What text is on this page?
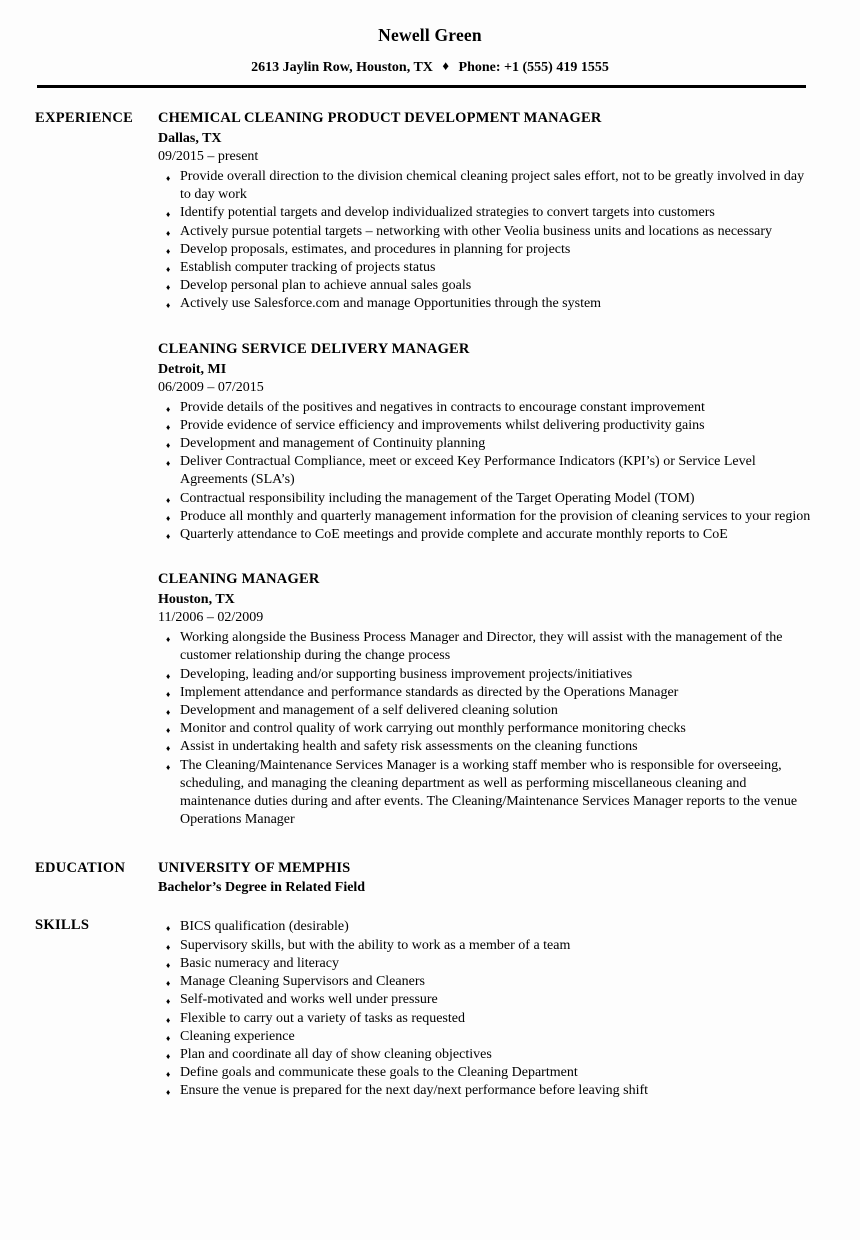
Newell Green

2613 Jaylin Row, Houston, TX ♦ Phone: +1 (555) 419 1555

EXPERIENCE	CHEMICAL CLEANING PRODUCT DEVELOPMENT MANAGER
Dallas, TX
09/2015 – present
♦ Provide overall direction to the division chemical cleaning project sales effort, not to be greatly involved in day to day work
♦ Identify potential targets and develop individualized strategies to convert targets into customers
♦ Actively pursue potential targets – networking with other Veolia business units and locations as necessary
♦ Develop proposals, estimates, and procedures in planning for projects
♦ Establish computer tracking of projects status
♦ Develop personal plan to achieve annual sales goals
♦ Actively use Salesforce.com and manage Opportunities through the system
CLEANING SERVICE DELIVERY MANAGER
Detroit, MI
06/2009 – 07/2015
♦ Provide details of the positives and negatives in contracts to encourage constant improvement
♦ Provide evidence of service efficiency and improvements whilst delivering productivity gains
♦ Development and management of Continuity planning
♦ Deliver Contractual Compliance, meet or exceed Key Performance Indicators (KPI’s) or Service Level Agreements (SLA’s)
♦ Contractual responsibility including the management of the Target Operating Model (TOM)
♦ Produce all monthly and quarterly management information for the provision of cleaning services to your region
♦ Quarterly attendance to CoE meetings and provide complete and accurate monthly reports to CoE
CLEANING MANAGER
Houston, TX
11/2006 – 02/2009
♦ Working alongside the Business Process Manager and Director, they will assist with the management of the customer relationship during the change process
♦ Developing, leading and/or supporting business improvement projects/initiatives
♦ Implement attendance and performance standards as directed by the Operations Manager
♦ Development and management of a self delivered cleaning solution
♦ Monitor and control quality of work carrying out monthly performance monitoring checks
♦ Assist in undertaking health and safety risk assessments on the cleaning functions
♦ The Cleaning/Maintenance Services Manager is a working staff member who is responsible for overseeing, scheduling, and managing the cleaning department as well as performing miscellaneous cleaning and maintenance duties during and after events. The Cleaning/Maintenance Services Manager reports to the venue Operations Manager
EDUCATION	UNIVERSITY OF MEMPHIS
Bachelor’s Degree in Related Field
SKILLS	♦ BICS qualification (desirable)
♦ Supervisory skills, but with the ability to work as a member of a team
♦ Basic numeracy and literacy
♦ Manage Cleaning Supervisors and Cleaners
♦ Self-motivated and works well under pressure
♦ Flexible to carry out a variety of tasks as requested
♦ Cleaning experience
♦ Plan and coordinate all day of show cleaning objectives
♦ Define goals and communicate these goals to the Cleaning Department
♦ Ensure the venue is prepared for the next day/next performance before leaving shift
